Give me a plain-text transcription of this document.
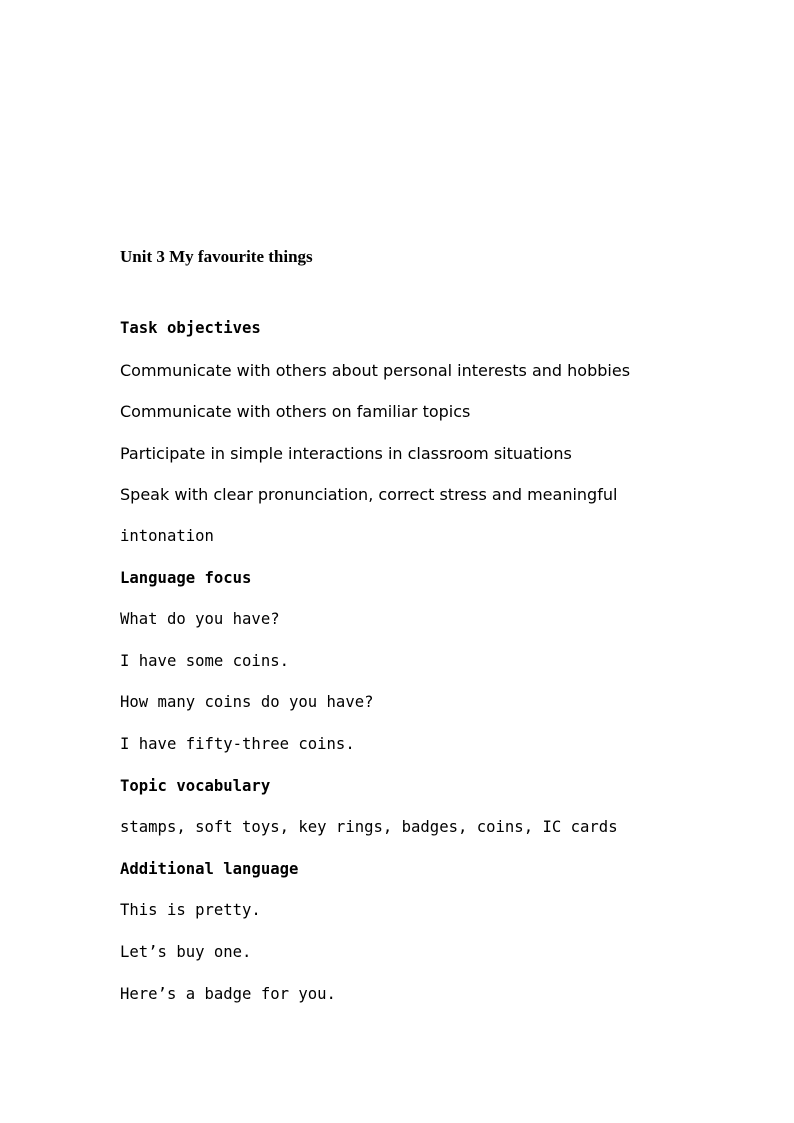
Unit 3 My favourite things
Task objectives
Communicate with others about personal interests and hobbies
Communicate with others on familiar topics
Participate in simple interactions in classroom situations
Speak with clear pronunciation, correct stress and meaningful
intonation
Language focus
What do you have?
I have some coins.
How many coins do you have?
I have fifty-three coins.
Topic vocabulary
stamps, soft toys, key rings, badges, coins, IC cards
Additional language
This is pretty.
Let’s buy one.
Here’s a badge for you.
